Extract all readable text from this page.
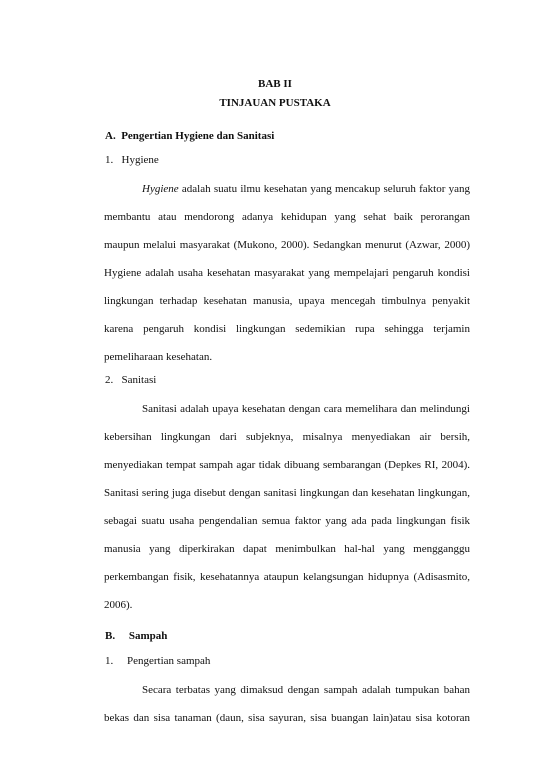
BAB II
TINJAUAN PUSTAKA
A. Pengertian Hygiene dan Sanitasi
1. Hygiene
Hygiene adalah suatu ilmu kesehatan yang mencakup seluruh faktor yang
membantu atau mendorong adanya kehidupan yang sehat baik perorangan
maupun melalui masyarakat (Mukono, 2000). Sedangkan menurut (Azwar, 2000)
Hygiene adalah usaha kesehatan masyarakat yang mempelajari pengaruh kondisi
lingkungan terhadap kesehatan manusia, upaya mencegah timbulnya penyakit
karena pengaruh kondisi lingkungan sedemikian rupa sehingga terjamin
pemeliharaan kesehatan.
2. Sanitasi
Sanitasi adalah upaya kesehatan dengan cara memelihara dan melindungi
kebersihan lingkungan dari subjeknya, misalnya menyediakan air bersih,
menyediakan tempat sampah agar tidak dibuang sembarangan (Depkes RI, 2004).
Sanitasi sering juga disebut dengan sanitasi lingkungan dan kesehatan lingkungan,
sebagai suatu usaha pengendalian semua faktor yang ada pada lingkungan fisik
manusia yang diperkirakan dapat menimbulkan hal-hal yang mengganggu
perkembangan fisik, kesehatannya ataupun kelangsungan hidupnya (Adisasmito,
2006).
B. Sampah
1. Pengertian sampah
Secara terbatas yang dimaksud dengan sampah adalah tumpukan bahan
bekas dan sisa tanaman (daun, sisa sayuran, sisa buangan lain)atau sisa kotoran
